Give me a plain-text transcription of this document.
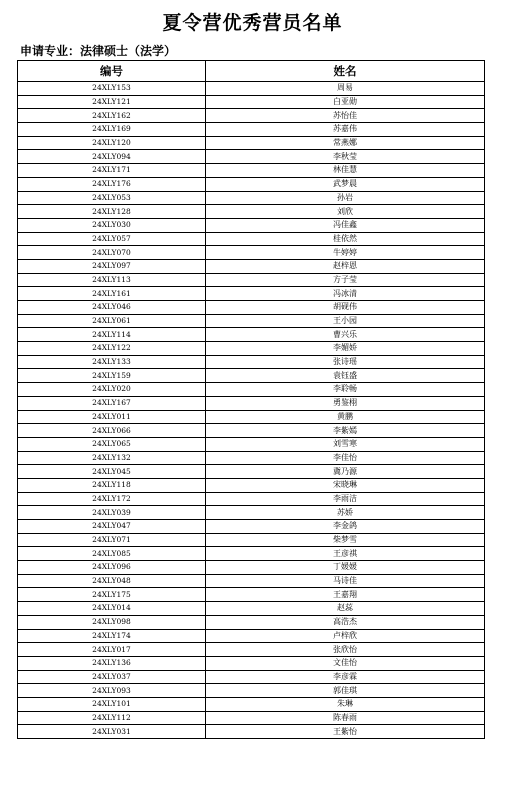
夏令营优秀营员名单
申请专业：法律硕士（法学）
编号	姓名
24XLY153	周易
24XLY121	白亚勋
24XLY162	苏怡佳
24XLY169	苏嘉伟
24XLY120	常燕娜
24XLY094	李秋莹
24XLY171	林佳慧
24XLY176	武梦晨
24XLY053	孙岩
24XLY128	刘欣
24XLY030	冯佳鑫
24XLY057	桂依然
24XLY070	牛婷婷
24XLY097	赵梓恩
24XLY113	方子莹
24XLY161	冯冰清
24XLY046	胡砚伟
24XLY061	王小园
24XLY114	曹兴乐
24XLY122	李媚娇
24XLY133	张诗瑶
24XLY159	袁钰盛
24XLY020	李聆畅
24XLY167	勇鉴栩
24XLY011	黄鹏
24XLY066	李紫嫣
24XLY065	刘雪寒
24XLY132	李佳怡
24XLY045	冀乃源
24XLY118	宋晓琳
24XLY172	李雨洁
24XLY039	苏娇
24XLY047	李金鸽
24XLY071	柴梦雪
24XLY085	王彦祺
24XLY096	丁媛媛
24XLY048	马诗佳
24XLY175	王嘉翔
24XLY014	赵蕊
24XLY098	高浩杰
24XLY174	卢梓欣
24XLY017	张欣怡
24XLY136	文佳怡
24XLY037	李彦霖
24XLY093	郭佳琪
24XLY101	朱琳
24XLY112	陈春雨
24XLY031	王紫怡
